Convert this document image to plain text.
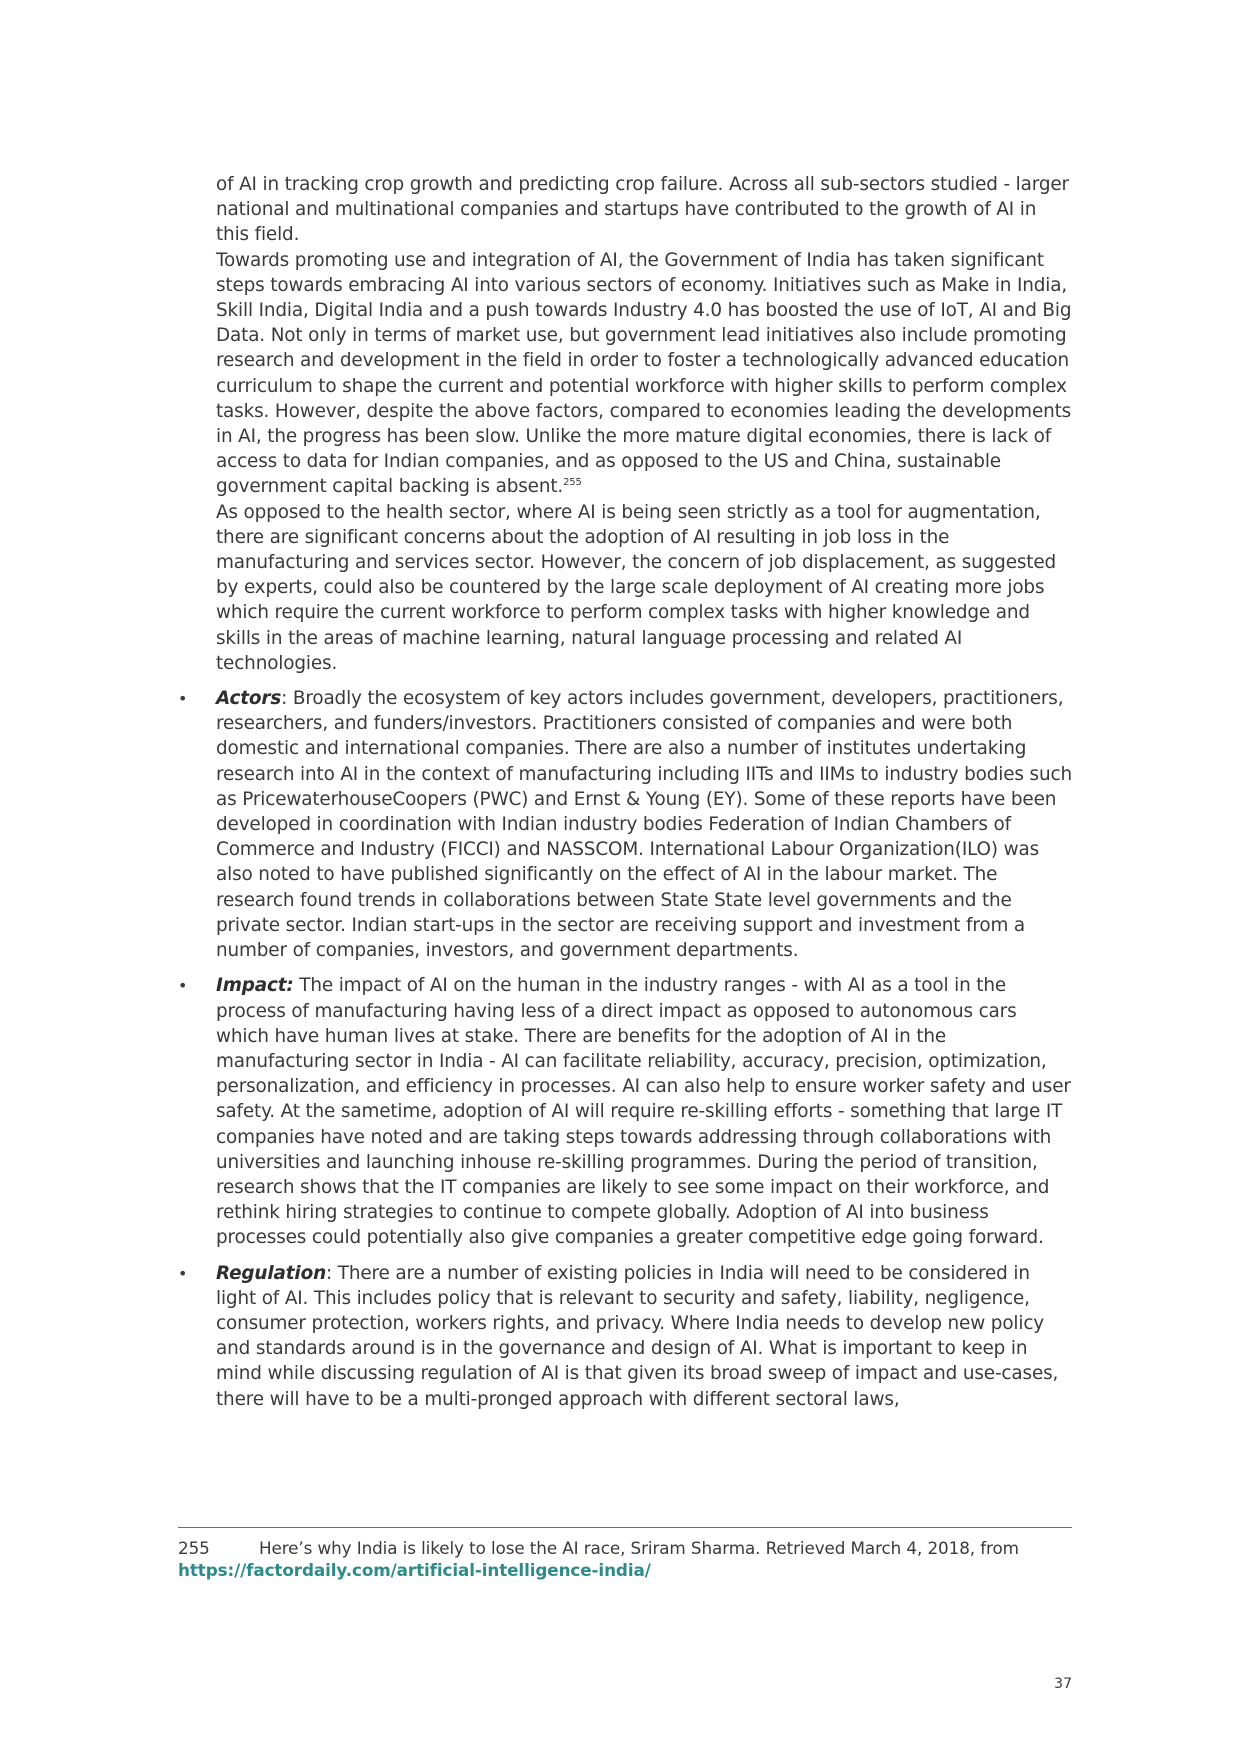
of AI in tracking crop growth and predicting crop failure. Across all sub-sectors studied - larger national and multinational companies and startups have contributed to the growth of AI in this field.

Towards promoting use and integration of AI, the Government of India has taken significant steps towards embracing AI into various sectors of economy. Initiatives such as Make in India, Skill India, Digital India and a push towards Industry 4.0 has boosted the use of IoT, AI and Big Data. Not only in terms of market use, but government lead initiatives also include promoting research and development in the field in order to foster a technologically advanced education curriculum to shape the current and potential workforce with higher skills to perform complex tasks. However, despite the above factors, compared to economies leading the developments in AI, the progress has been slow. Unlike the more mature digital economies, there is lack of access to data for Indian companies, and as opposed to the US and China, sustainable government capital backing is absent.$^{255}$

As opposed to the health sector, where AI is being seen strictly as a tool for augmentation, there are significant concerns about the adoption of AI resulting in job loss in the manufacturing and services sector. However, the concern of job displacement, as suggested by experts, could also be countered by the large scale deployment of AI creating more jobs which require the current workforce to perform complex tasks with higher knowledge and skills in the areas of machine learning, natural language processing and related AI technologies.

• Actors: Broadly the ecosystem of key actors includes government, developers, practitioners, researchers, and funders/investors. Practitioners consisted of companies and were both domestic and international companies. There are also a number of institutes undertaking research into AI in the context of manufacturing including IITs and IIMs to industry bodies such as PricewaterhouseCoopers (PWC) and Ernst & Young (EY). Some of these reports have been developed in coordination with Indian industry bodies Federation of Indian Chambers of Commerce and Industry (FICCI) and NASSCOM. International Labour Organization(ILO) was also noted to have published significantly on the effect of AI in the labour market. The research found trends in collaborations between State State level governments and the private sector. Indian start-ups in the sector are receiving support and investment from a number of companies, investors, and government departments.
• Impact: The impact of AI on the human in the industry ranges - with AI as a tool in the process of manufacturing having less of a direct impact as opposed to autonomous cars which have human lives at stake. There are benefits for the adoption of AI in the manufacturing sector in India - AI can facilitate reliability, accuracy, precision, optimization, personalization, and efficiency in processes. AI can also help to ensure worker safety and user safety. At the sametime, adoption of AI will require re-skilling efforts - something that large IT companies have noted and are taking steps towards addressing through collaborations with universities and launching inhouse re-skilling programmes. During the period of transition, research shows that the IT companies are likely to see some impact on their workforce, and rethink hiring strategies to continue to compete globally. Adoption of AI into business processes could potentially also give companies a greater competitive edge going forward.
• Regulation: There are a number of existing policies in India will need to be considered in light of AI. This includes policy that is relevant to security and safety, liability, negligence, consumer protection, workers rights, and privacy. Where India needs to develop new policy and standards around is in the governance and design of AI. What is important to keep in mind while discussing regulation of AI is that given its broad sweep of impact and use-cases, there will have to be a multi-pronged approach with different sectoral laws,
255	Here’s why India is likely to lose the AI race, Sriram Sharma. Retrieved March 4, 2018, from
https://factordaily.com/artificial-intelligence-india/
37
